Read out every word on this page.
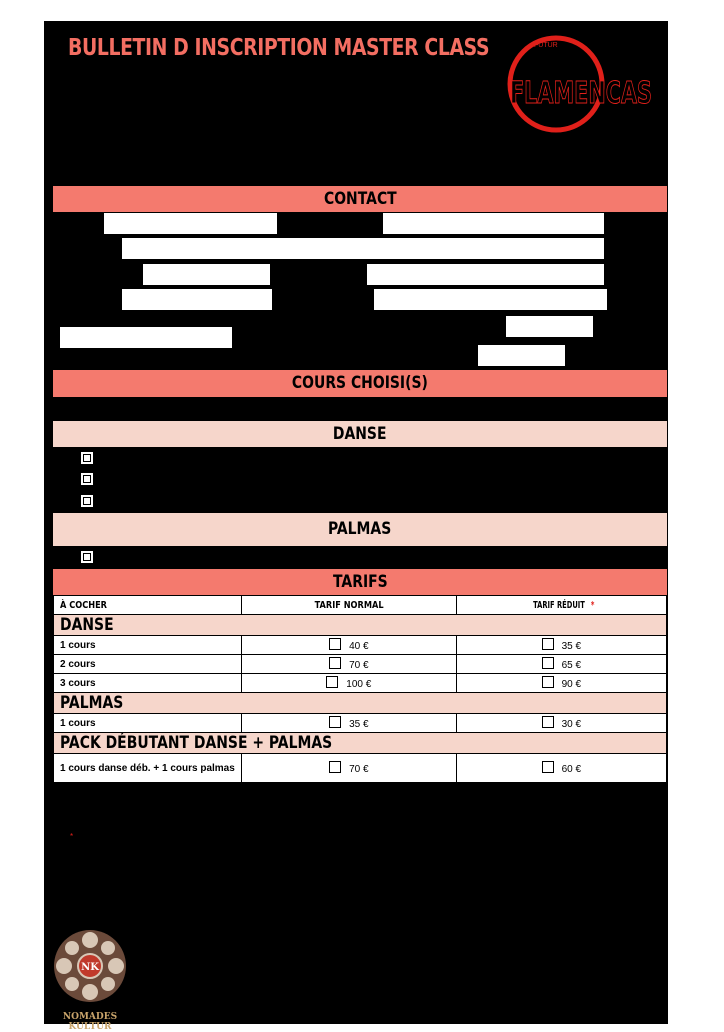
BULLETIN D INSCRIPTION MASTER CLASS	FUTUR
FLAMENCAS
CONTACT
COURS CHOISI(S)
DANSE
PALMAS
TARIFS
À COCHER	TARIF NORMAL	TARIF RÉDUIT *
DANSE		
1 cours	40 €	35 €
2 cours	70 €	65 €
3 cours	100 €	90 €
PALMAS		
1 cours	35 €	30 €
PACK DÉBUTANT DANSE + PALMAS		
1 cours danse déb. + 1 cours palmas	70 €	60 €
*
NK
NOMADES KULTUR
